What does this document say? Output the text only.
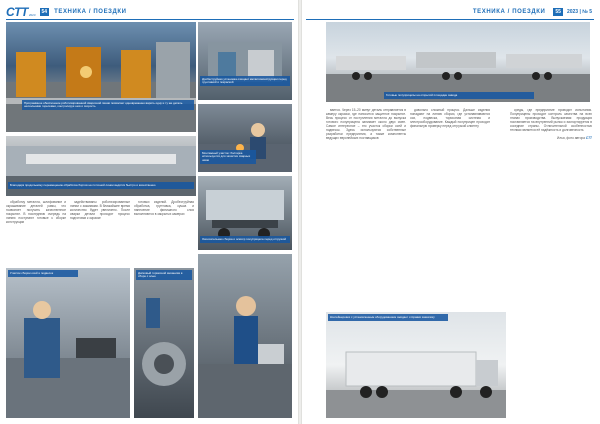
CTT 2023	54	ТЕХНИКА / ПОЕЗДКИ
Программное обеспечение роботизированной сварочной линии позволяет одновременно варить одну и ту же деталь несколькими горелками, контролируя шов и скорость
Дробеструйная установка очищает металлоконструкции перед грунтовкой и покраской
Монтажный участок: болгарка используется для зачистки сварных швов
Благодаря продольному перемещению обработка бортов на поточной линии ведётся быстро и качественно
Окончательная сборка и осмотр полуприцепа перед отгрузкой

обработку металла, шлифование и окрашивание деталей рамы, что позволяет получить качественное покрытие. В последнюю очередь на линию поступают готовые к сборке конструкции

задействованы роботизированные линии с зажимами. В ближайшее время количество будет увеличено. После сварки детали проходят процесс подготовки к окраске

готовых изделий. Дробеструйная обработка, грунтовка, сушка и нанесение финишного слоя выполняются в закрытых камерах

Участок сборки осей и подвесок	Дисковый тормозной механизм в сборе с осью
ТЕХНИКА / ПОЕЗДКИ	55	2023 | № 5
Готовые полуприцепы на открытой площадке завода

вается. Через 15–20 минут деталь отправляется в камеру окраски, где наносится защитное покрытие. Весь процесс от поступления металла до выпуска готового полуприцепа занимает около двух смен. Самое интересное – это участок сборки осей и подвесок. Здесь используются собственные разработки предприятия, а также компоненты ведущих европейских поставщиков

довольно сложный процесс. Дальше изделия попадают на линию сборки, где устанавливаются оси, подвеска, тормозная система и электрооборудование. Каждый полуприцеп проходит финальную проверку перед отгрузкой клиенту

среды, где предприятие проводит испытания. Полуприцепы проходят контроль качества на всех этапах производства. Выпускаемая продукция поставляется на внутренний рынок и экспортируется в соседние страны. Отличительной особенностью техники является её надёжность и долговечность

Илья, фото автора CTT
Контейнеровоз с установленным оборудованием ожидает отправки заказчику
